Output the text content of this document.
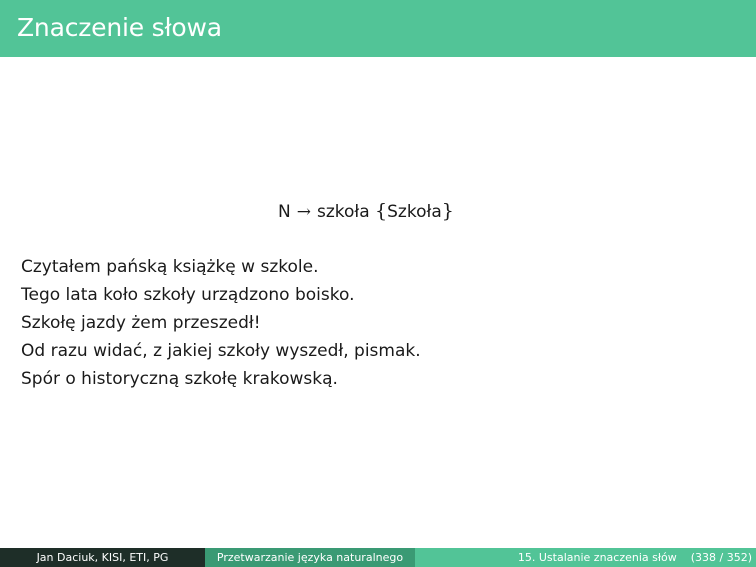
Znaczenie słowa
N → szkoła {Szkoła}
Czytałem pańską książkę w szkole.
Tego lata koło szkoły urządzono boisko.
Szkołę jazdy żem przeszedł!
Od razu widać, z jakiej szkoły wyszedł, pismak.
Spór o historyczną szkołę krakowską.
Jan Daciuk, KISI, ETI, PG	Przetwarzanie języka naturalnego	15. Ustalanie znaczenia słów (338 / 352)
